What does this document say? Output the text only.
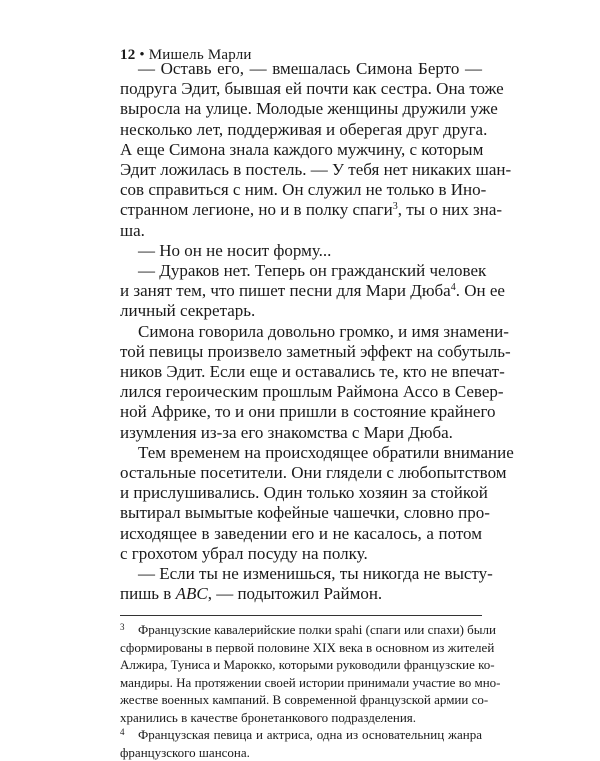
12 • Мишель Марли
— Оставь его, — вмешалась Симона Берто —
подруга Эдит, бывшая ей почти как сестра. Она тоже
выросла на улице. Молодые женщины дружили уже
несколько лет, поддерживая и оберегая друг друга.
А еще Симона знала каждого мужчину, с которым
Эдит ложилась в постель. — У тебя нет никаких шан-
сов справиться с ним. Он служил не только в Ино-
странном легионе, но и в полку спаги$^3$, ты о них зна-
ша.
— Но он не носит форму...
— Дураков нет. Теперь он гражданский человек
и занят тем, что пишет песни для Мари Дюба$^4$. Он ее
личный секретарь.
Симона говорила довольно громко, и имя знамени-
той певицы произвело заметный эффект на собутыль-
ников Эдит. Если еще и оставались те, кто не впечат-
лился героическим прошлым Раймона Ассо в Север-
ной Африке, то и они пришли в состояние крайнего
изумления из-за его знакомства с Мари Дюба.
Тем временем на происходящее обратили внимание
остальные посетители. Они глядели с любопытством
и прислушивались. Один только хозяин за стойкой
вытирал вымытые кофейные чашечки, словно про-
исходящее в заведении его и не касалось, а потом
с грохотом убрал посуду на полку.
— Если ты не изменишься, ты никогда не высту-
пишь в ABC, — подытожил Раймон.
3 Французские кавалерийские полки spahi (спаги или спахи) были
сформированы в первой половине XIX века в основном из жителей
Алжира, Туниса и Марокко, которыми руководили французские ко-
мандиры. На протяжении своей истории принимали участие во мно-
жестве военных кампаний. В современной французской армии со-
хранились в качестве бронетанкового подразделения.
4 Французская певица и актриса, одна из основательниц жанра
французского шансона.
